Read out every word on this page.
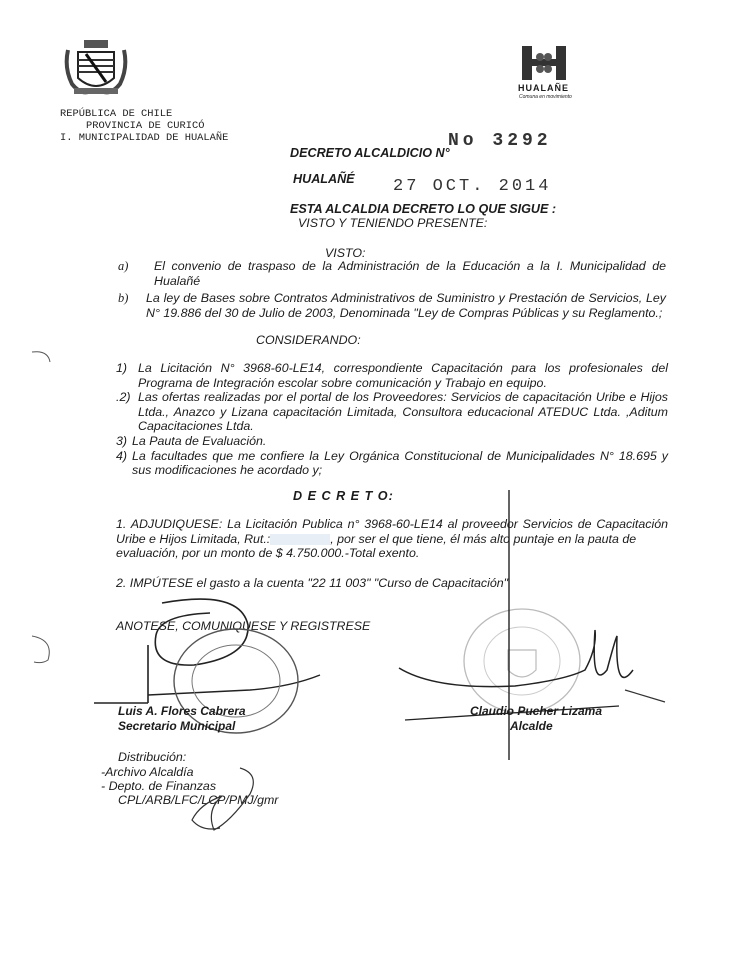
REPÚBLICA DE CHILE
PROVINCIA DE CURICÓ
I. MUNICIPALIDAD DE HUALAÑE
HUALAÑE
Comuna en movimiento
DECRETO ALCALDICIO N°
No 3292
HUALAÑÉ 27 OCT. 2014
ESTA ALCALDIA DECRETO LO QUE SIGUE :
VISTO Y TENIENDO PRESENTE:
VISTO:
a)	El convenio de traspaso de la Administración de la Educación a la I. Municipalidad de Hualañé
b)	La ley de Bases sobre Contratos Administrativos de Suministro y Prestación de Servicios, Ley N° 19.886 del 30 de Julio de 2003, Denominada "Ley de Compras Públicas y su Reglamento.;
CONSIDERANDO:
1) La Licitación N° 3968-60-LE14, correspondiente Capacitación para los profesionales del Programa de Integración escolar sobre comunicación y Trabajo en equipo.
.2) Las ofertas realizadas por el portal de los Proveedores: Servicios de capacitación Uribe e Hijos Ltda., Anazco y Lizana capacitación Limitada, Consultora educacional ATEDUC Ltda. ,Aditum Capacitaciones Ltda.
3) La Pauta de Evaluación.
4) La facultades que me confiere la Ley Orgánica Constitucional de Municipalidades N° 18.695 y sus modificaciones he acordado y;
D E C R E T O:
1. ADJUDIQUESE: La Licitación Publica n° 3968-60-LE14 al proveedor Servicios de Capacitación
Uribe e Hijos Limitada, Rut.:	, por ser el que tiene, él más alto puntaje en la pauta de
evaluación, por un monto de $ 4.750.000.-Total exento.
2. IMPÚTESE el gasto a la cuenta "22 11 003" "Curso de Capacitación"
ANOTESE, COMUNIQUESE Y REGISTRESE
Luis A. Flores Cabrera
Secretario Municipal
Claudio Pucher Lizama
Alcalde
Distribución:
-Archivo Alcaldía
- Depto. de Finanzas
CPL/ARB/LFC/LCP/PMJ/gmr
